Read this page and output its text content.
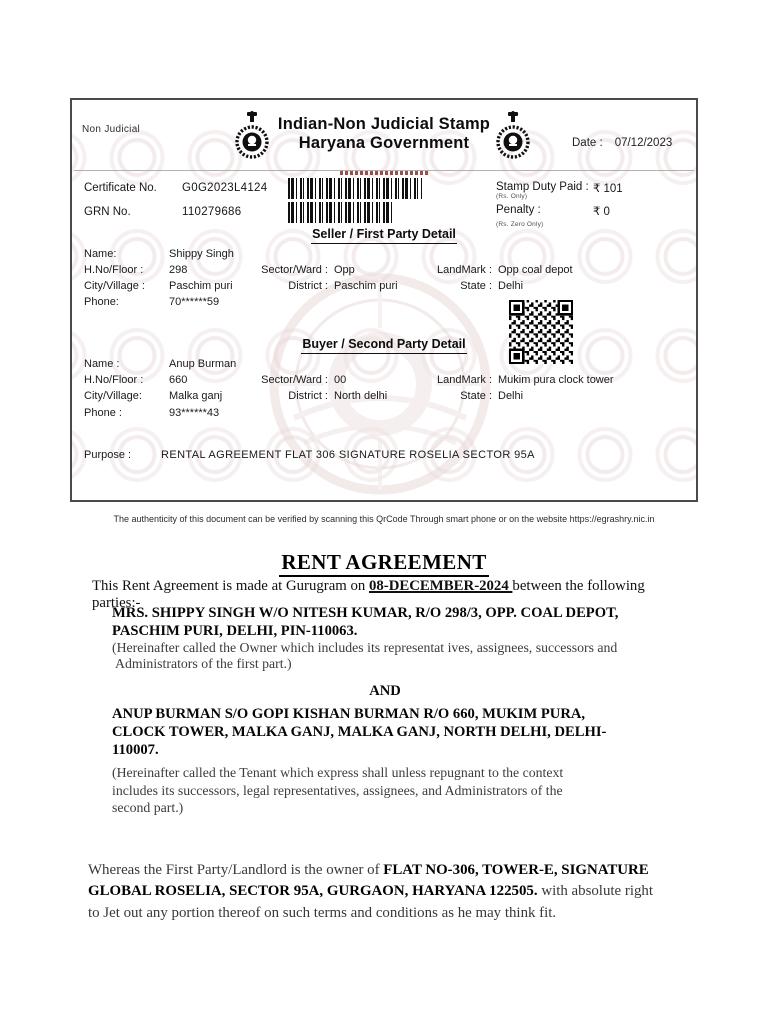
Non Judicial	Indian-Non Judicial Stamp
Haryana Government	Date : 07/12/2023
Certificate No. G0G2023L4124
GRN No.	110279686
Stamp Duty Paid : ₹ 101
(Rs. Only)
Penalty :	₹ 0
(Rs. Zero Only)
Seller / First Party Detail
Name:	Shippy Singh
H.No/Floor : 298	Sector/Ward : Opp	LandMark : Opp coal depot
City/Village : Paschim puri	District : Paschim puri	State : Delhi
Phone:	70******59
Buyer / Second Party Detail
Name :	Anup Burman
H.No/Floor : 660	Sector/Ward : 00	LandMark : Mukim pura clock tower
City/Village: Malka ganj	District : North delhi	State : Delhi
Phone :	93******43
Purpose :	RENTAL AGREEMENT FLAT 306 SIGNATURE ROSELIA SECTOR 95A

The authenticity of this document can be verified by scanning this QrCode Through smart phone or on the website https://egrashry.nic.in

RENT AGREEMENT

This Rent Agreement is made at Gurugram on 08-DECEMBER-2024 between the following parties:-

MRS. SHIPPY SINGH W/O NITESH KUMAR, R/O 298/3, OPP. COAL DEPOT,
PASCHIM PURI, DELHI, PIN-110063.
(Hereinafter called the Owner which includes its representat ives, assignees, successors and
Administrators of the first part.)
AND
ANUP BURMAN S/O GOPI KISHAN BURMAN R/O 660, MUKIM PURA,
CLOCK TOWER, MALKA GANJ, MALKA GANJ, NORTH DELHI, DELHI-
110007.
(Hereinafter called the Tenant which express shall unless repugnant to the context
includes its successors, legal representatives, assignees, and Administrators of the
second part.)

Whereas the First Party/Landlord is the owner of FLAT NO-306, TOWER-E, SIGNATURE GLOBAL ROSELIA, SECTOR 95A, GURGAON, HARYANA 122505. with absolute right to Jet out any portion thereof on such terms and conditions as he may think fit.
